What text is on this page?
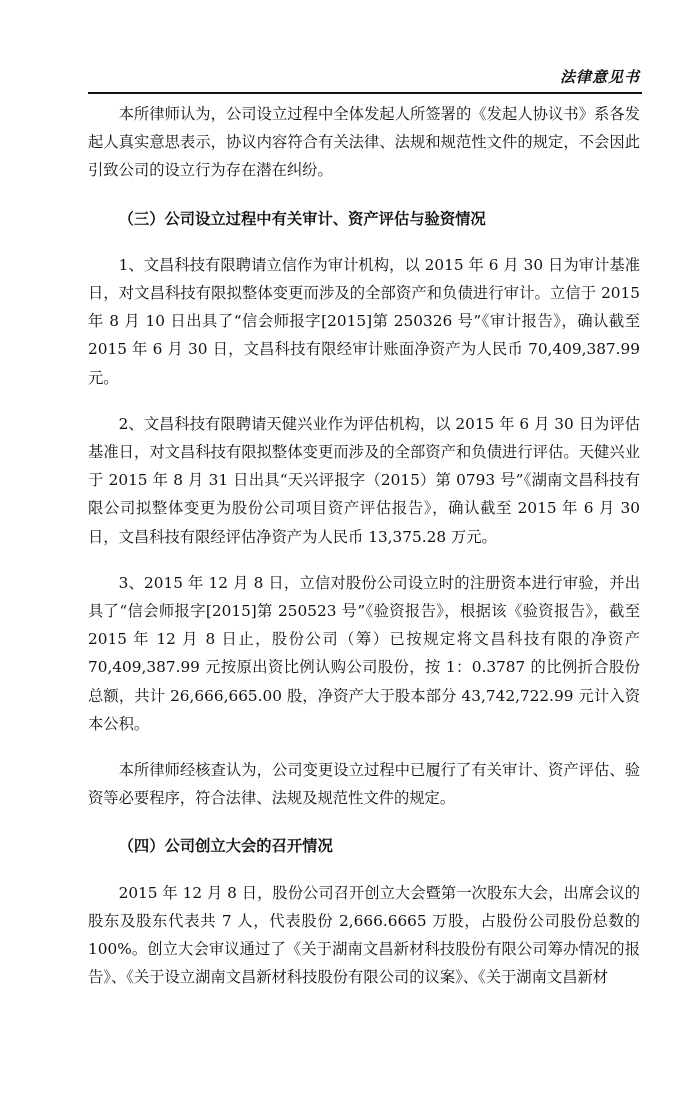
法律意见书

本所律师认为，公司设立过程中全体发起人所签署的《发起人协议书》系各发起人真实意思表示，协议内容符合有关法律、法规和规范性文件的规定，不会因此引致公司的设立行为存在潜在纠纷。

（三）公司设立过程中有关审计、资产评估与验资情况

1、文昌科技有限聘请立信作为审计机构，以 2015 年 6 月 30 日为审计基准日，对文昌科技有限拟整体变更而涉及的全部资产和负债进行审计。立信于 2015 年 8 月 10 日出具了“信会师报字[2015]第 250326 号”《审计报告》，确认截至 2015 年 6 月 30 日，文昌科技有限经审计账面净资产为人民币 70,409,387.99 元。

2、文昌科技有限聘请天健兴业作为评估机构，以 2015 年 6 月 30 日为评估基准日，对文昌科技有限拟整体变更而涉及的全部资产和负债进行评估。天健兴业于 2015 年 8 月 31 日出具“天兴评报字（2015）第 0793 号”《湖南文昌科技有限公司拟整体变更为股份公司项目资产评估报告》，确认截至 2015 年 6 月 30 日，文昌科技有限经评估净资产为人民币 13,375.28 万元。

3、2015 年 12 月 8 日，立信对股份公司设立时的注册资本进行审验，并出具了“信会师报字[2015]第 250523 号”《验资报告》，根据该《验资报告》，截至 2015 年 12 月 8 日止，股份公司（筹）已按规定将文昌科技有限的净资产 70,409,387.99 元按原出资比例认购公司股份，按 1：0.3787 的比例折合股份总额，共计 26,666,665.00 股，净资产大于股本部分 43,742,722.99 元计入资本公积。

本所律师经核查认为，公司变更设立过程中已履行了有关审计、资产评估、验资等必要程序，符合法律、法规及规范性文件的规定。

（四）公司创立大会的召开情况

2015 年 12 月 8 日，股份公司召开创立大会暨第一次股东大会，出席会议的股东及股东代表共 7 人，代表股份 2,666.6665 万股，占股份公司股份总数的 100%。创立大会审议通过了《关于湖南文昌新材科技股份有限公司筹办情况的报告》、《关于设立湖南文昌新材科技股份有限公司的议案》、《关于湖南文昌新材
